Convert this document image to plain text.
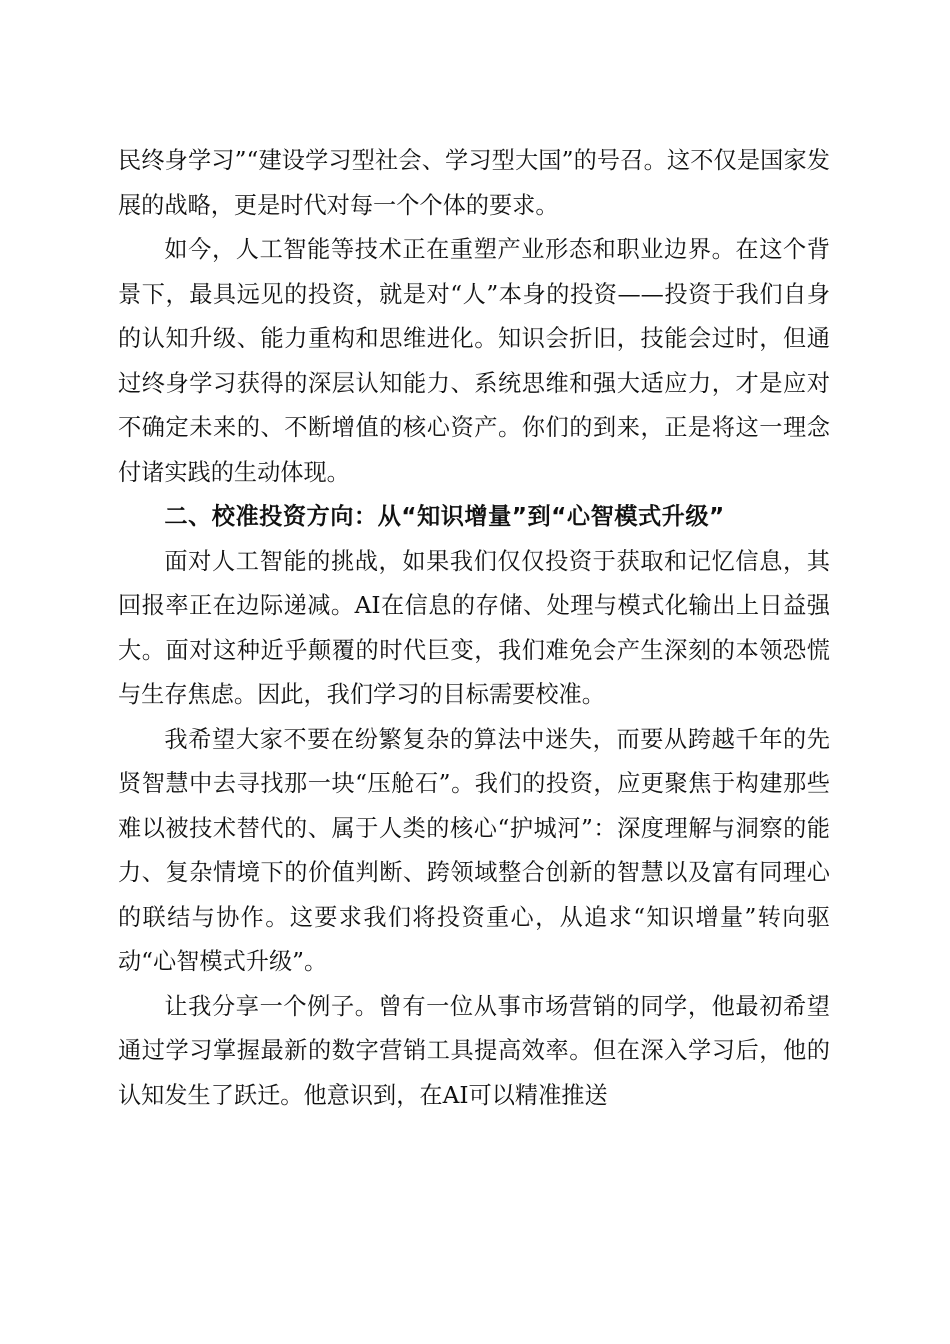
民终身学习”“建设学习型社会、学习型大国”的号召。这不仅是国家发展的战略，更是时代对每一个个体的要求。

如今，人工智能等技术正在重塑产业形态和职业边界。在这个背景下，最具远见的投资，就是对“人”本身的投资——投资于我们自身的认知升级、能力重构和思维进化。知识会折旧，技能会过时，但通过终身学习获得的深层认知能力、系统思维和强大适应力，才是应对不确定未来的、不断增值的核心资产。你们的到来，正是将这一理念付诸实践的生动体现。

二、校准投资方向：从“知识增量”到“心智模式升级”

面对人工智能的挑战，如果我们仅仅投资于获取和记忆信息，其回报率正在边际递减。AI在信息的存储、处理与模式化输出上日益强大。面对这种近乎颠覆的时代巨变，我们难免会产生深刻的本领恐慌与生存焦虑。因此，我们学习的目标需要校准。

我希望大家不要在纷繁复杂的算法中迷失，而要从跨越千年的先贤智慧中去寻找那一块“压舱石”。我们的投资，应更聚焦于构建那些难以被技术替代的、属于人类的核心“护城河”：深度理解与洞察的能力、复杂情境下的价值判断、跨领域整合创新的智慧以及富有同理心的联结与协作。这要求我们将投资重心，从追求“知识增量”转向驱动“心智模式升级”。

让我分享一个例子。曾有一位从事市场营销的同学，他最初希望通过学习掌握最新的数字营销工具提高效率。但在深入学习后，他的认知发生了跃迁。他意识到，在AI可以精准推送
